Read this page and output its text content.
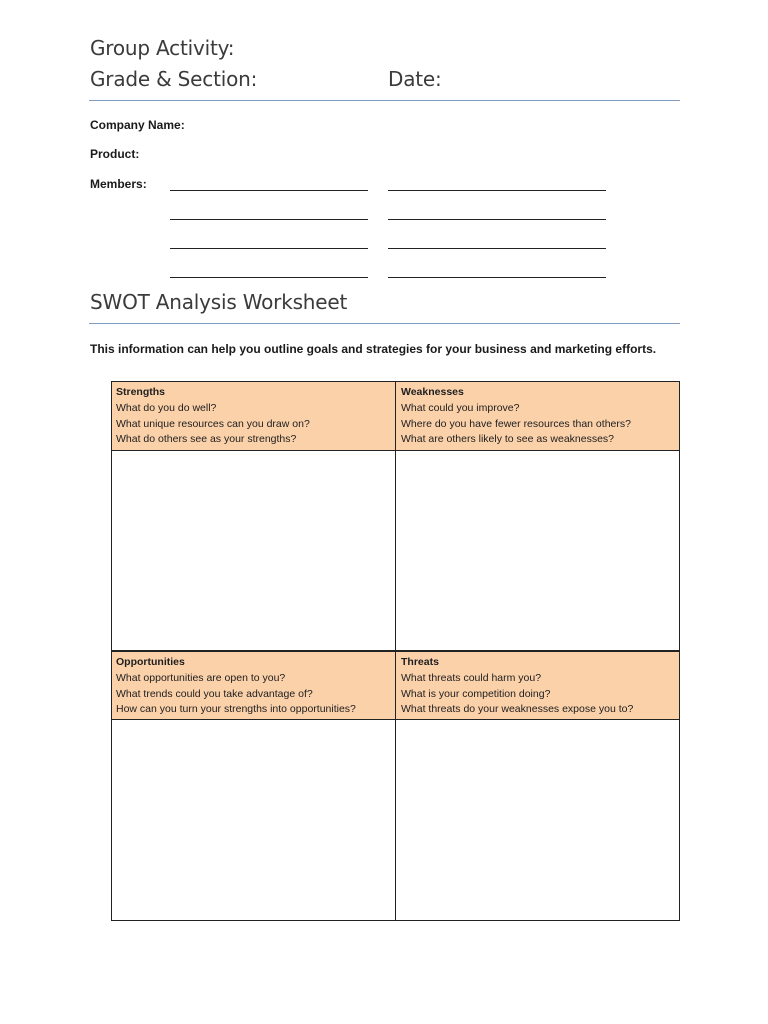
Group Activity:
Grade & Section:	Date:
Company Name:
Product:
Members:
SWOT Analysis Worksheet
This information can help you outline goals and strategies for your business and marketing efforts.
Strengths
What do you do well?
What unique resources can you draw on?
What do others see as your strengths?
Weaknesses
What could you improve?
Where do you have fewer resources than others?
What are others likely to see as weaknesses?
Opportunities
What opportunities are open to you?
What trends could you take advantage of?
How can you turn your strengths into opportunities?
Threats
What threats could harm you?
What is your competition doing?
What threats do your weaknesses expose you to?
